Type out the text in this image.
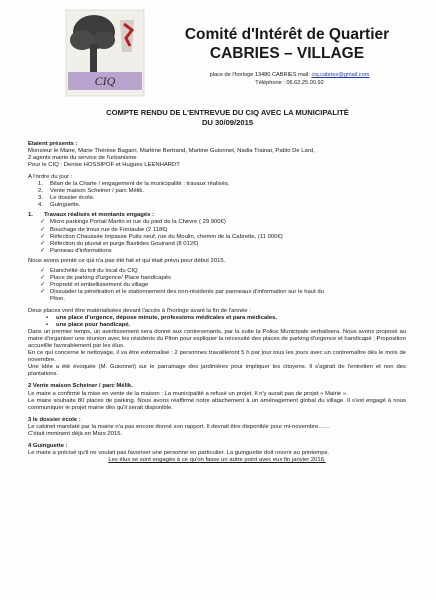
CIQ
Comité d'Intérêt de Quartier
CABRIES – VILLAGE
place de l'horloge 13480 CABRIES mail: ciq.cabries@gmail.com
Téléphone : 06.62.25.00.92
COMPTE RENDU DE L'ENTREVUE DU CIQ AVEC LA MUNICIPALITÉ
DU 30/09/2015

Etaient présents :

Monsieur le Maire, Marie Thérèse Bagarri, Marlène Bertrand, Martine Guionnet, Nadia Trainar, Pablo De Lard,

2 agents mairie du service de l'urbanisme

Pour le CIQ : Denise HOSSIPOF et Hugues LEENHARDT

A l'ordre du jour :

1.	Bilan de la Charte / engagement de la municipalité : travaux réalisés.
2.	Vente maison Scheiner / parc Mélik.
3.	Le dossier école.
4.	Guinguette.
1.	Travaux réalisés et montants engagés :
✓ Micro parkings Portail Martin et rue du pied de la Chèvre ( 29 900€)
✓ Bouchage de trous rue de Fontaube (2 118€)
✓ Réfection Chaussée Impasse Puits neuf, rue du Moulin, chemin de la Cabrette, (11 000€)
✓ Réfection du pluvial et purge Bastides Gouirand (8 012€)
✓ Panneau d'informations

Nous avons pointé ce qui n'a pas été fait et qui était prévu pour début 2015.

✓ Etanchéité du toit du local du CIQ
✓ Place de parking d'urgence/ Place handicapés
✓ Propreté et embellissement du village
✓ Dissuader la pénétration et le stationnement des non-résidents par panneaux d'information sur le haut du
Piton.

Deux places vont être matérialisées devant l'accès à l'horloge avant la fin de l'année :

•	une place d'urgence, dépose minute, professions médicales et para médicales.
•	une place pour handicapé.

Dans un premier temps, un avertissement sera donné aux contrevenants, par la suite la Police Municipale verbalisera. Nous avons proposé au maire d'organiser une réunion avec les résidents du Piton pour expliquer la nécessité des places de parking d'urgence et handicapé ; Proposition accueillie favorablement par les élus.

En ce qui concerne le nettoyage, il va être externalisé : 2 personnes travailleront 5 h par jour tous les jours avec un contremaître dès le mois de novembre.

Une idée a été évoquée (M. Guionnet) sur le parrainage des jardinières pour impliquer les citoyens. Il s'agirait de l'entretien et non des plantations.

2 Vente maison Scheiner / parc Mélik.

Le maire a confirmé la mise en vente de la maison ; La municipalité a refusé un projet. Il n'y aurait pas de projet « Mairie ».

Le maire souhaite 80 places de parking. Nous avons réaffirmé notre attachement à un aménagement global du village. Il s'est engagé à nous communiquer le projet mairie dès qu'il serait disponible.

3 le dossier école :

Le cabinet mandaté par la mairie n'a pas encore donné son rapport. Il devrait être disponible pour mi-novembre……

C'était imminent déjà en Mars 2015.

4 Guinguette :

Le maire a précisé qu'il ne voulait pas favoriser une personne en particulier. La guinguette doit rouvrir au printemps.

Les élus se sont engagés à ce qu'on fasse un autre point avec eux fin janvier 2016.
